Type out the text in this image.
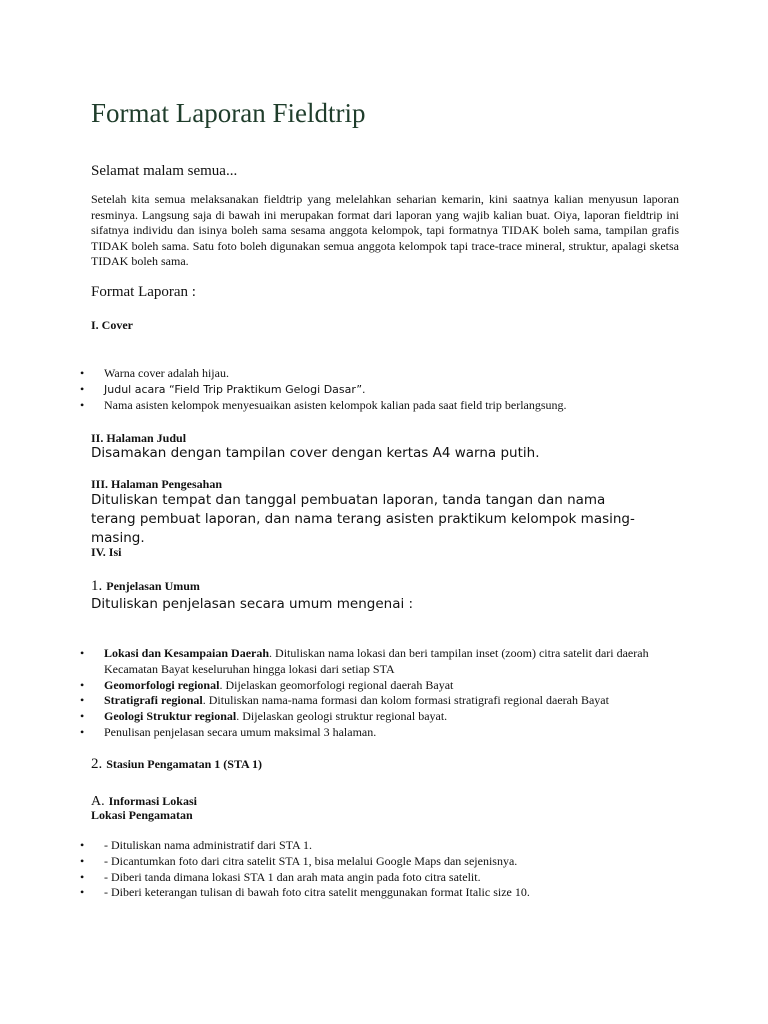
Format Laporan Fieldtrip
Selamat malam semua...
Setelah kita semua melaksanakan fieldtrip yang melelahkan seharian kemarin, kini saatnya kalian menyusun laporan resminya. Langsung saja di bawah ini merupakan format dari laporan yang wajib kalian buat. Oiya, laporan fieldtrip ini sifatnya individu dan isinya boleh sama sesama anggota kelompok, tapi formatnya TIDAK boleh sama, tampilan grafis TIDAK boleh sama. Satu foto boleh digunakan semua anggota kelompok tapi trace-trace mineral, struktur, apalagi sketsa TIDAK boleh sama.
Format Laporan :
I. Cover
• Warna cover adalah hijau.
• Judul acara “Field Trip Praktikum Gelogi Dasar”.
• Nama asisten kelompok menyesuaikan asisten kelompok kalian pada saat field trip berlangsung.
II. Halaman Judul
Disamakan dengan tampilan cover dengan kertas A4 warna putih.
III. Halaman Pengesahan
Dituliskan tempat dan tanggal pembuatan laporan, tanda tangan dan nama terang pembuat laporan, dan nama terang asisten praktikum kelompok masing-masing.
IV. Isi
1. Penjelasan Umum
Dituliskan penjelasan secara umum mengenai :
• Lokasi dan Kesampaian Daerah. Dituliskan nama lokasi dan beri tampilan inset (zoom) citra satelit dari daerah Kecamatan Bayat keseluruhan hingga lokasi dari setiap STA
• Geomorfologi regional. Dijelaskan geomorfologi regional daerah Bayat
• Stratigrafi regional. Dituliskan nama-nama formasi dan kolom formasi stratigrafi regional daerah Bayat
• Geologi Struktur regional. Dijelaskan geologi struktur regional bayat.
• Penulisan penjelasan secara umum maksimal 3 halaman.
2. Stasiun Pengamatan 1 (STA 1)
A. Informasi Lokasi
Lokasi Pengamatan
• - Dituliskan nama administratif dari STA 1.
• - Dicantumkan foto dari citra satelit STA 1, bisa melalui Google Maps dan sejenisnya.
• - Diberi tanda dimana lokasi STA 1 dan arah mata angin pada foto citra satelit.
• - Diberi keterangan tulisan di bawah foto citra satelit menggunakan format Italic size 10.
